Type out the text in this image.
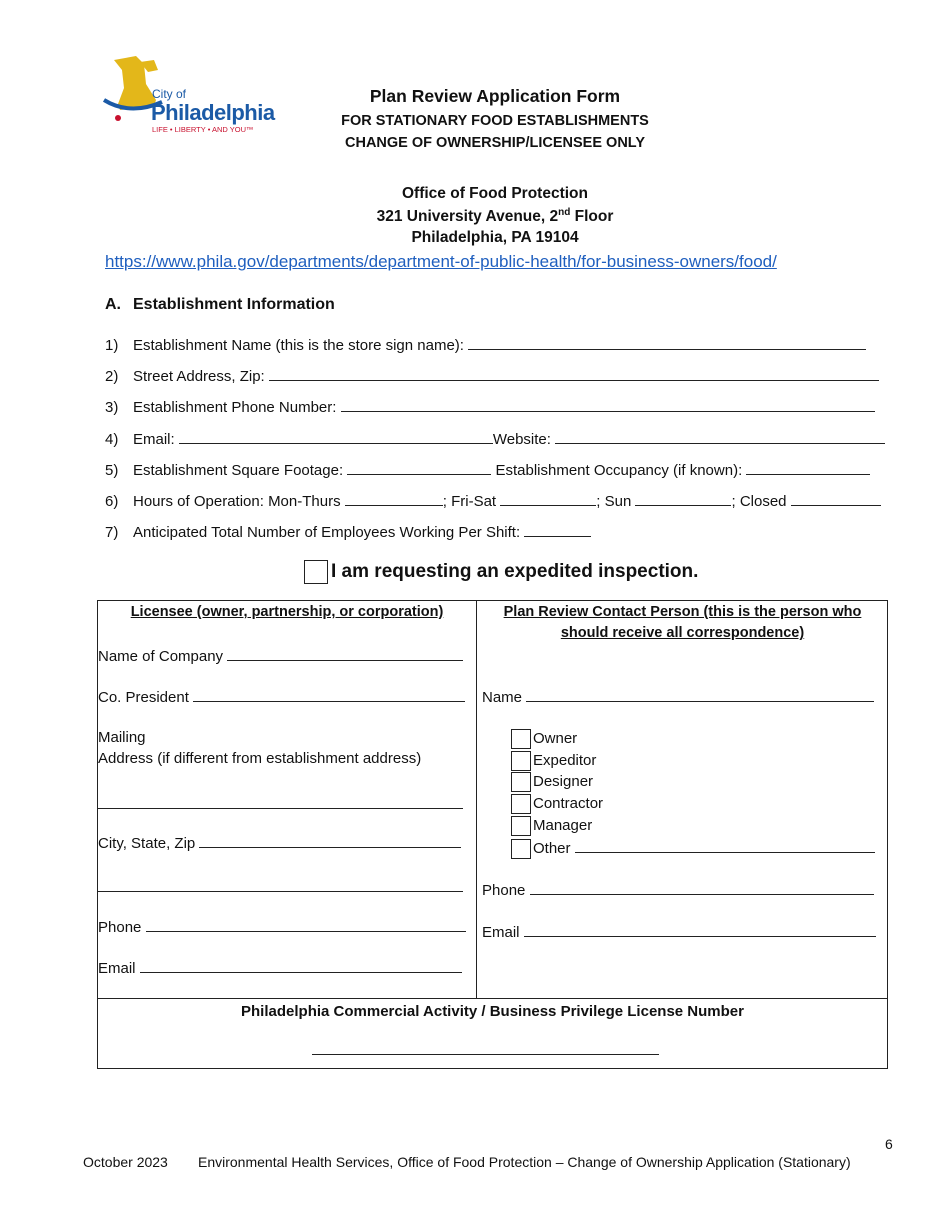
City of
Philadelphia
LIFE • LIBERTY • AND YOU™
Plan Review Application Form
FOR STATIONARY FOOD ESTABLISHMENTS
CHANGE OF OWNERSHIP/LICENSEE ONLY
Office of Food Protection
321 University Avenue, 2nd Floor
Philadelphia, PA 19104
https://www.phila.gov/departments/department-of-public-health/for-business-owners/food/
A. Establishment Information
1) Establishment Name (this is the store sign name):
2) Street Address, Zip:
3) Establishment Phone Number:
4) Email:	Website:
5) Establishment Square Footage:	Establishment Occupancy (if known):
6) Hours of Operation: Mon-Thurs	; Fri-Sat	; Sun	; Closed
7) Anticipated Total Number of Employees Working Per Shift:
I am requesting an expedited inspection.
Licensee (owner, partnership, or corporation)
Name of Company
Co. President
Mailing
Address (if different from establishment address)
City, State, Zip
Phone
Email
Plan Review Contact Person (this is the person who
should receive all correspondence)
Name
Owner
Expeditor
Designer
Contractor
Manager
Other
Phone
Email
Philadelphia Commercial Activity / Business Privilege License Number
6
October 2023 Environmental Health Services, Office of Food Protection – Change of Ownership Application (Stationary)
